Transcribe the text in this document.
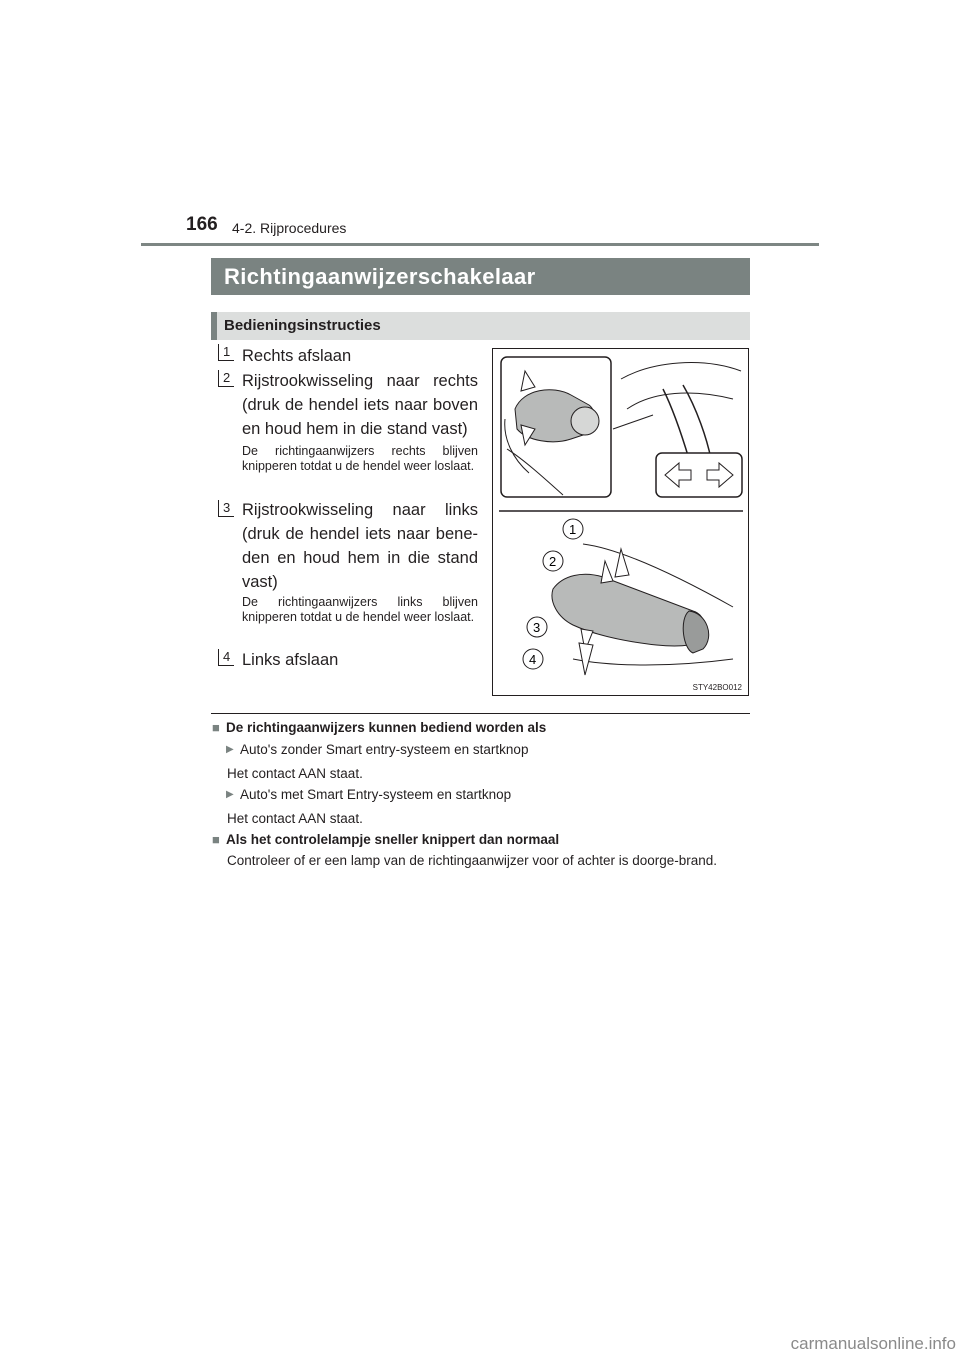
166 4-2. Rijprocedures
Richtingaanwijzerschakelaar
Bedieningsinstructies
1 Rechts afslaan
2 Rijstrookwisseling naar rechts (druk de hendel iets naar boven en houd hem in die stand vast)
De richtingaanwijzers rechts blijven knipperen totdat u de hendel weer loslaat.
3 Rijstrookwisseling naar links (druk de hendel iets naar bene-den en houd hem in die stand vast)
De richtingaanwijzers links blijven knipperen totdat u de hendel weer loslaat.
4 Links afslaan
1
2
3
4
STY42BO012
■ De richtingaanwijzers kunnen bediend worden als
▶ Auto's zonder Smart entry-systeem en startknop
Het contact AAN staat.
▶ Auto's met Smart Entry-systeem en startknop
Het contact AAN staat.
■ Als het controlelampje sneller knippert dan normaal
Controleer of er een lamp van de richtingaanwijzer voor of achter is doorge-brand.
carmanualsonline.info
